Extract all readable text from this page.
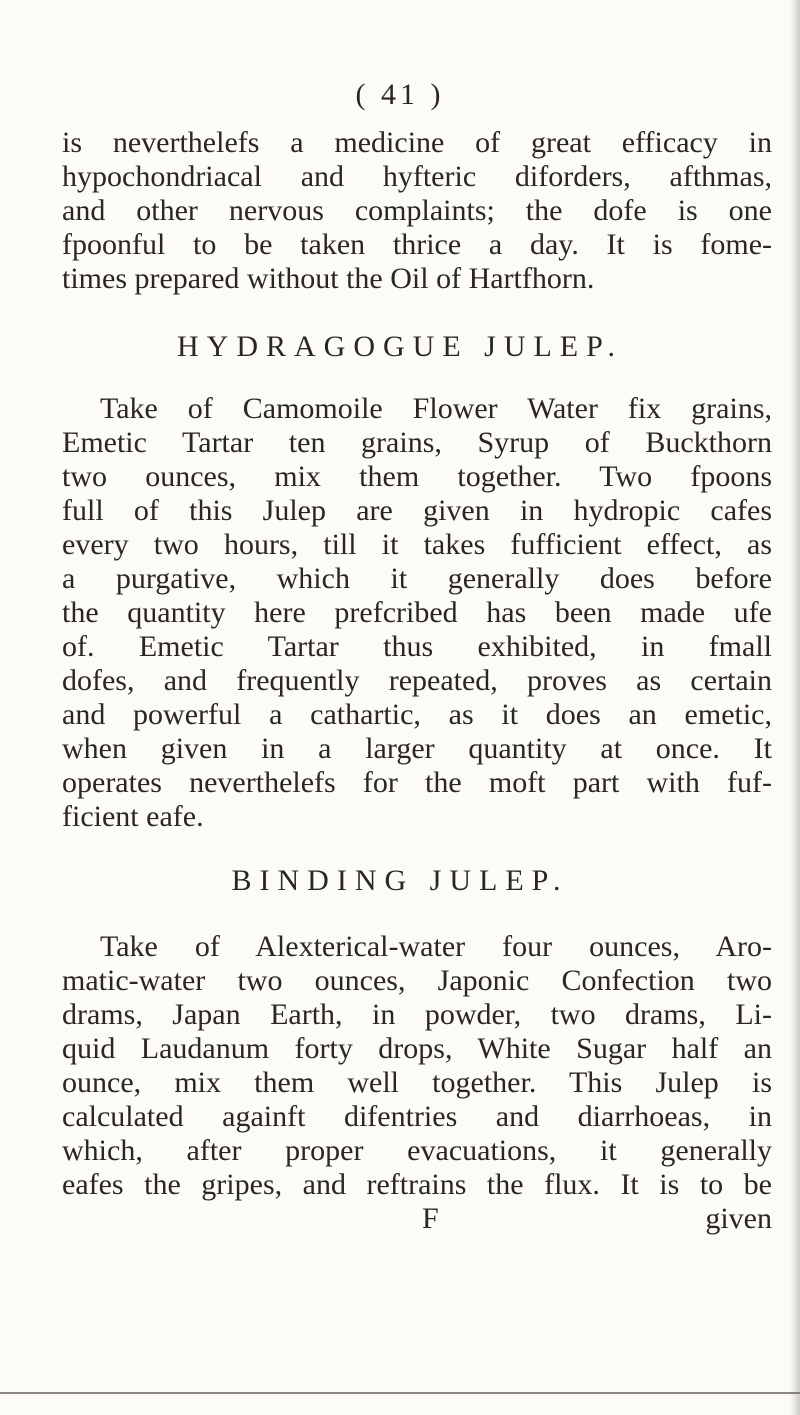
( 41 )
is neverthelefs a medicine of great efficacy in
hypochondriacal and hyfteric diforders, afthmas,
and other nervous complaints; the dofe is one
fpoonful to be taken thrice a day. It is fome-
times prepared without the Oil of Hartfhorn.
HYDRAGOGUE JULEP.
Take of Camomoile Flower Water fix grains,
Emetic Tartar ten grains, Syrup of Buckthorn
two ounces, mix them together. Two fpoons
full of this Julep are given in hydropic cafes
every two hours, till it takes fufficient effect, as
a purgative, which it generally does before
the quantity here prefcribed has been made ufe
of. Emetic Tartar thus exhibited, in fmall
dofes, and frequently repeated, proves as certain
and powerful a cathartic, as it does an emetic,
when given in a larger quantity at once. It
operates neverthelefs for the moft part with fuf-
ficient eafe.
BINDING JULEP.
Take of Alexterical-water four ounces, Aro-
matic-water two ounces, Japonic Confection two
drams, Japan Earth, in powder, two drams, Li-
quid Laudanum forty drops, White Sugar half an
ounce, mix them well together. This Julep is
calculated againft difentries and diarrhoeas, in
which, after proper evacuations, it generally
eafes the gripes, and reftrains the flux. It is to be
F	given
